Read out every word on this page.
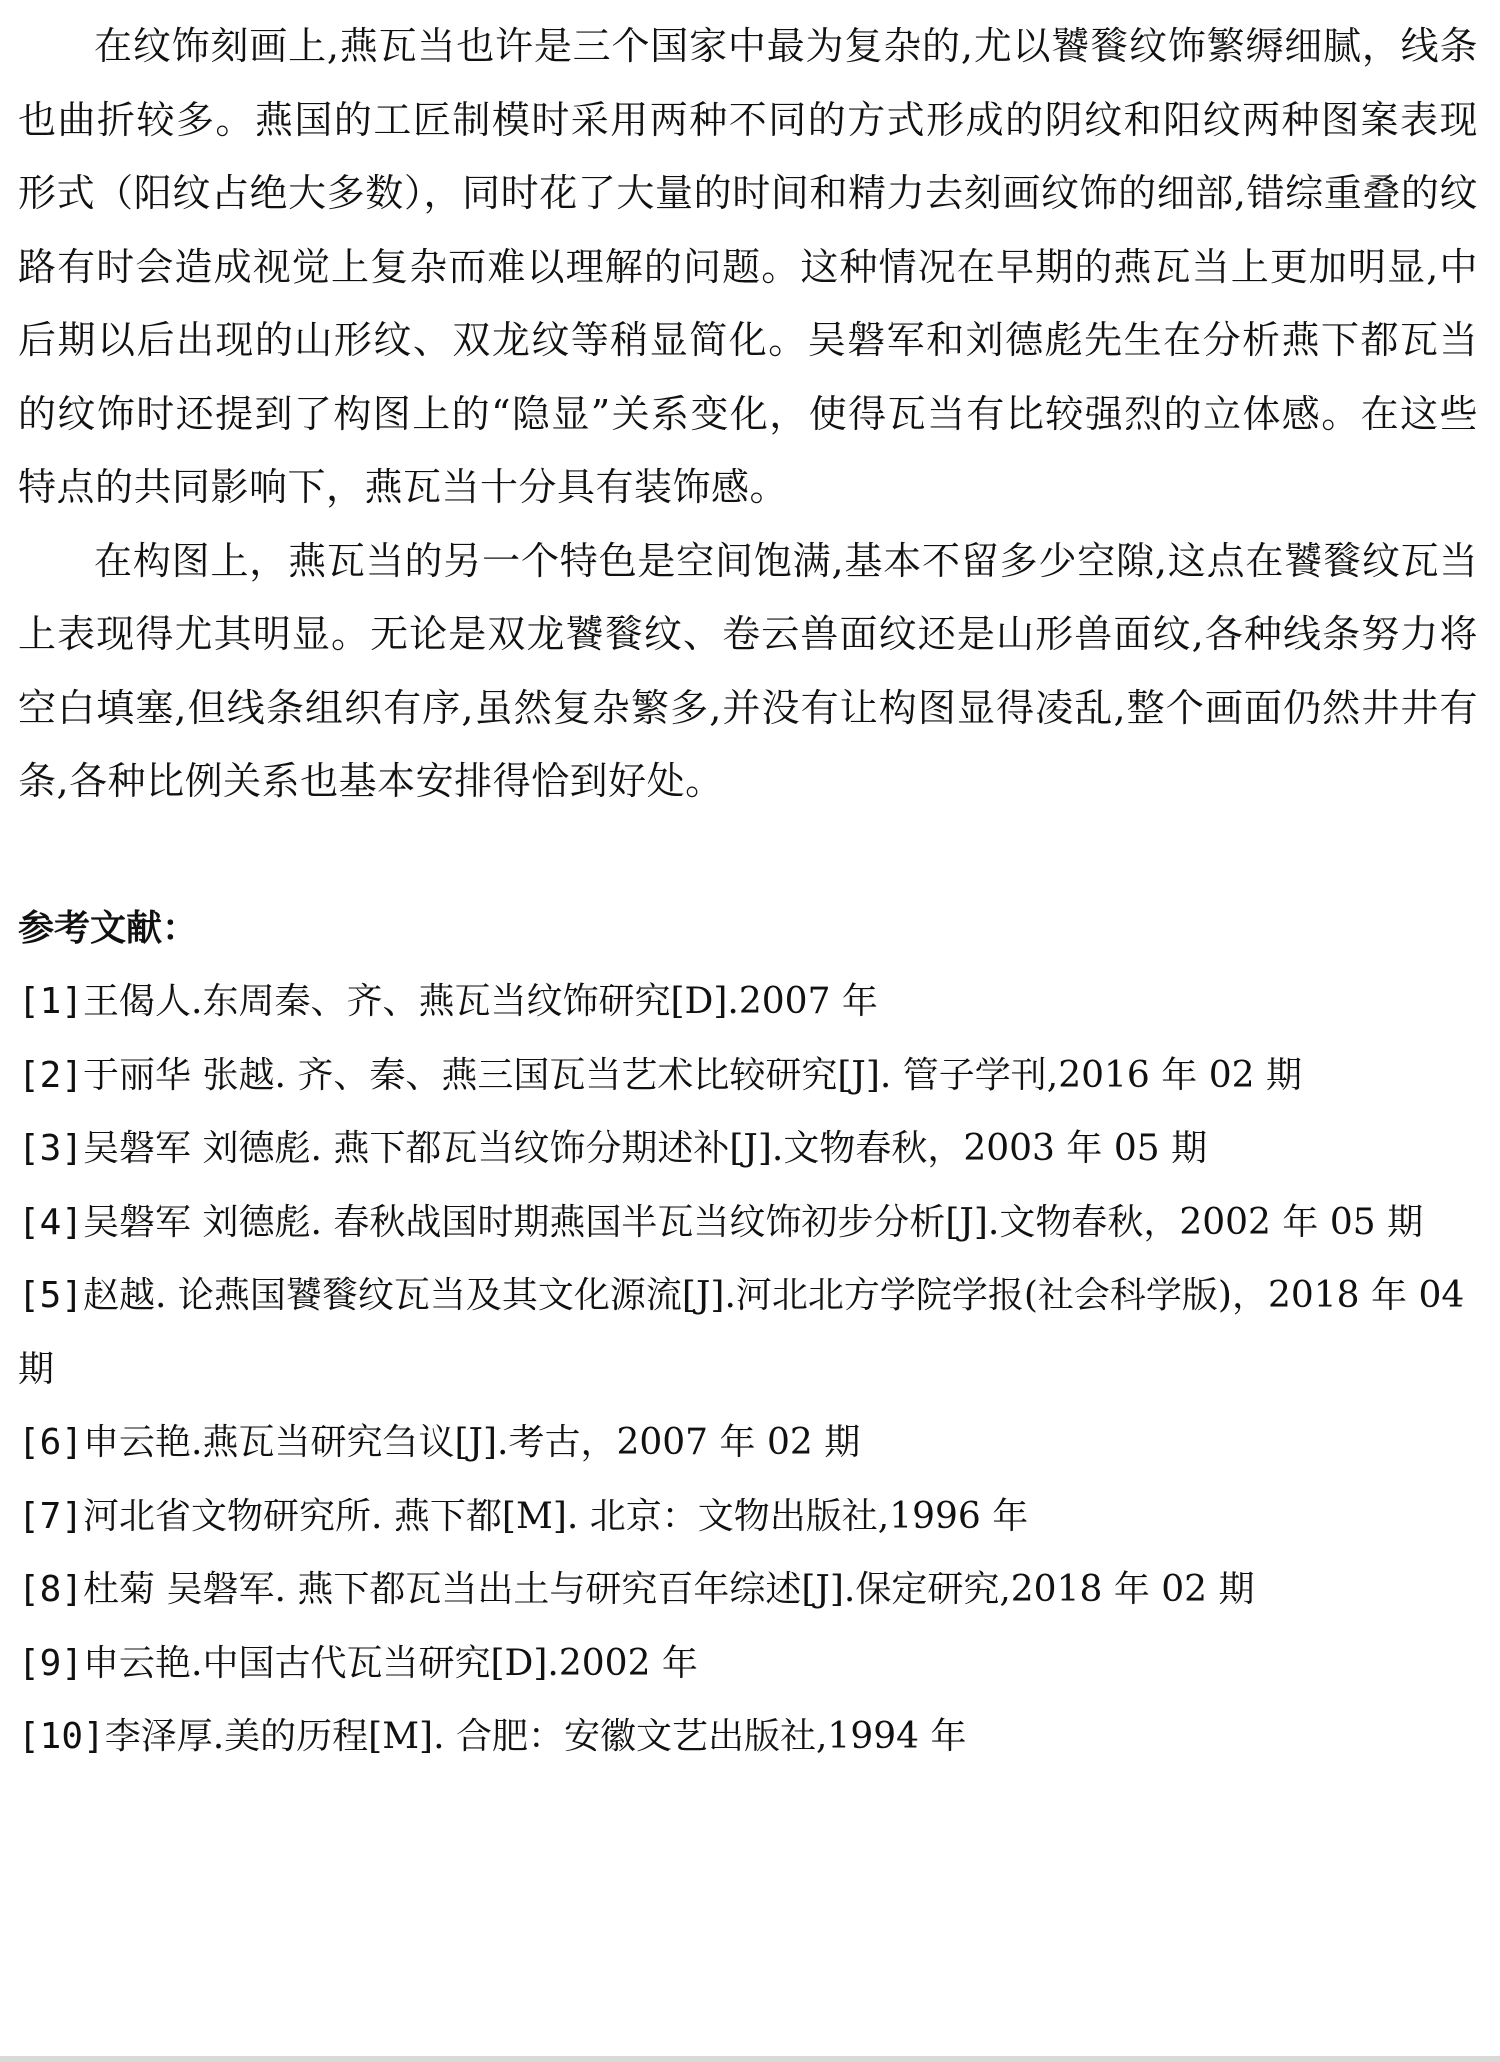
在纹饰刻画上,燕瓦当也许是三个国家中最为复杂的,尤以饕餮纹饰繁缛细腻，线条也曲折较多。燕国的工匠制模时采用两种不同的方式形成的阴纹和阳纹两种图案表现形式（阳纹占绝大多数），同时花了大量的时间和精力去刻画纹饰的细部,错综重叠的纹路有时会造成视觉上复杂而难以理解的问题。这种情况在早期的燕瓦当上更加明显,中后期以后出现的山形纹、双龙纹等稍显简化。吴磐军和刘德彪先生在分析燕下都瓦当的纹饰时还提到了构图上的“隐显”关系变化，使得瓦当有比较强烈的立体感。在这些特点的共同影响下，燕瓦当十分具有装饰感。

在构图上，燕瓦当的另一个特色是空间饱满,基本不留多少空隙,这点在饕餮纹瓦当上表现得尤其明显。无论是双龙饕餮纹、卷云兽面纹还是山形兽面纹,各种线条努力将空白填塞,但线条组织有序,虽然复杂繁多,并没有让构图显得凌乱,整个画面仍然井井有条,各种比例关系也基本安排得恰到好处。

参考文献：
[1]王偈人.东周秦、齐、燕瓦当纹饰研究[D].2007 年
[2]于丽华 张越. 齐、秦、燕三国瓦当艺术比较研究[J]. 管子学刊,2016 年 02 期
[3]吴磐军 刘德彪. 燕下都瓦当纹饰分期述补[J].文物春秋，2003 年 05 期
[4]吴磐军 刘德彪. 春秋战国时期燕国半瓦当纹饰初步分析[J].文物春秋，2002 年 05 期
[5]赵越. 论燕国饕餮纹瓦当及其文化源流[J].河北北方学院学报(社会科学版)，2018 年 04 期
[6]申云艳.燕瓦当研究刍议[J].考古，2007 年 02 期
[7]河北省文物研究所. 燕下都[M]. 北京：文物出版社,1996 年
[8]杜菊 吴磐军. 燕下都瓦当出土与研究百年综述[J].保定研究,2018 年 02 期
[9]申云艳.中国古代瓦当研究[D].2002 年
[10]李泽厚.美的历程[M]. 合肥：安徽文艺出版社,1994 年
